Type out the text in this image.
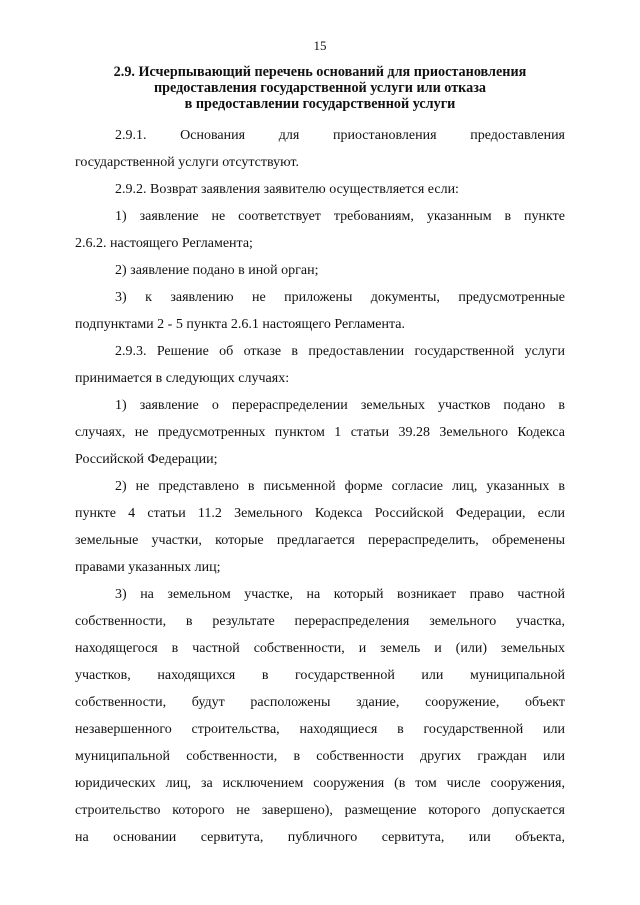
15
2.9. Исчерпывающий перечень оснований для приостановления
предоставления государственной услуги или отказа
в предоставлении государственной услуги
2.9.1. Основания для приостановления предоставления
государственной услуги отсутствуют.
2.9.2. Возврат заявления заявителю осуществляется если:
1) заявление не соответствует требованиям, указанным в пункте
2.6.2. настоящего Регламента;
2) заявление подано в иной орган;
3) к заявлению не приложены документы, предусмотренные
подпунктами 2 - 5 пункта 2.6.1 настоящего Регламента.
2.9.3. Решение об отказе в предоставлении государственной услуги
принимается в следующих случаях:
1) заявление о перераспределении земельных участков подано в
случаях, не предусмотренных пунктом 1 статьи 39.28 Земельного Кодекса
Российской Федерации;
2) не представлено в письменной форме согласие лиц, указанных в
пункте 4 статьи 11.2 Земельного Кодекса Российской Федерации, если
земельные участки, которые предлагается перераспределить, обременены
правами указанных лиц;
3) на земельном участке, на который возникает право частной
собственности, в результате перераспределения земельного участка,
находящегося в частной собственности, и земель и (или) земельных
участков, находящихся в государственной или муниципальной
собственности, будут расположены здание, сооружение, объект
незавершенного строительства, находящиеся в государственной или
муниципальной собственности, в собственности других граждан или
юридических лиц, за исключением сооружения (в том числе сооружения,
строительство которого не завершено), размещение которого допускается
на основании сервитута, публичного сервитута, или объекта,
